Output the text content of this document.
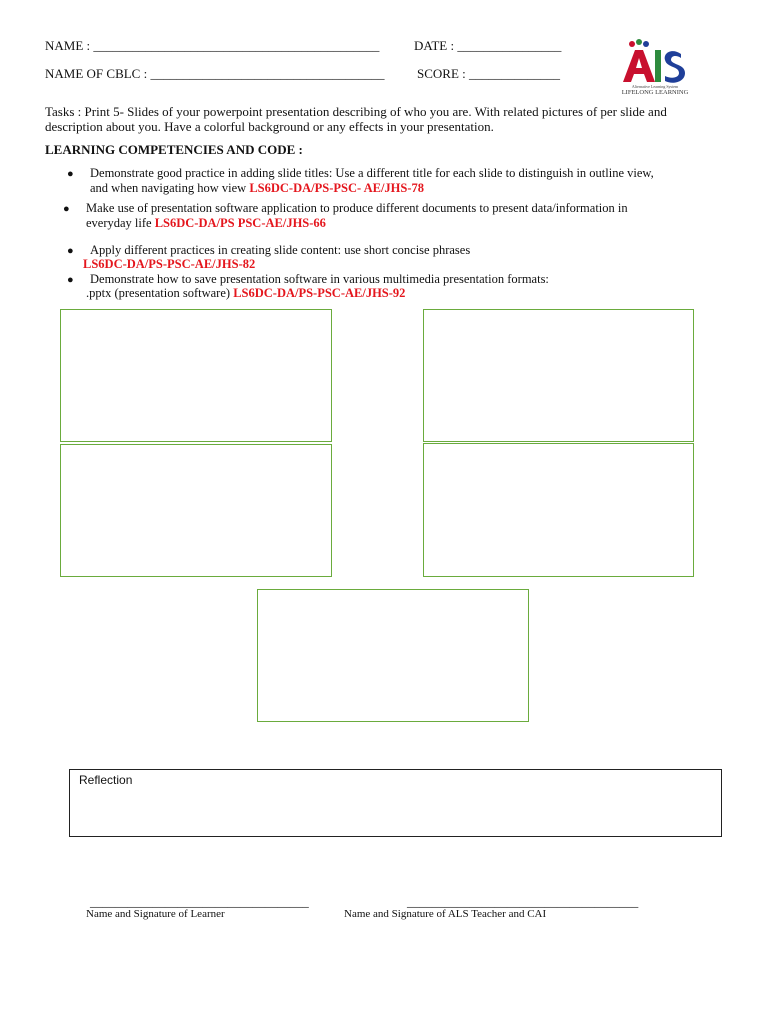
NAME : ____________________________________________	DATE : ________________
NAME OF CBLC : ____________________________________	SCORE : ______________
Alternative Learning System
LIFELONG LEARNING
Tasks : Print 5- Slides of your powerpoint presentation describing of who you are. With related pictures of per slide and
description about you. Have a colorful background or any effects in your presentation.
LEARNING COMPETENCIES AND CODE :
● Demonstrate good practice in adding slide titles: Use a different title for each slide to distinguish in outline view,
and when navigating how view LS6DC-DA/PS-PSC- AE/JHS-78
● Make use of presentation software application to produce different documents to present data/information in
everyday life LS6DC-DA/PS PSC-AE/JHS-66
● Apply different practices in creating slide content: use short concise phrases
LS6DC-DA/PS-PSC-AE/JHS-82
● Demonstrate how to save presentation software in various multimedia presentation formats:
.pptx (presentation software) LS6DC-DA/PS-PSC-AE/JHS-92
Reflection
___________________________________
Name and Signature of Learner
_____________________________________
Name and Signature of ALS Teacher and CAI
